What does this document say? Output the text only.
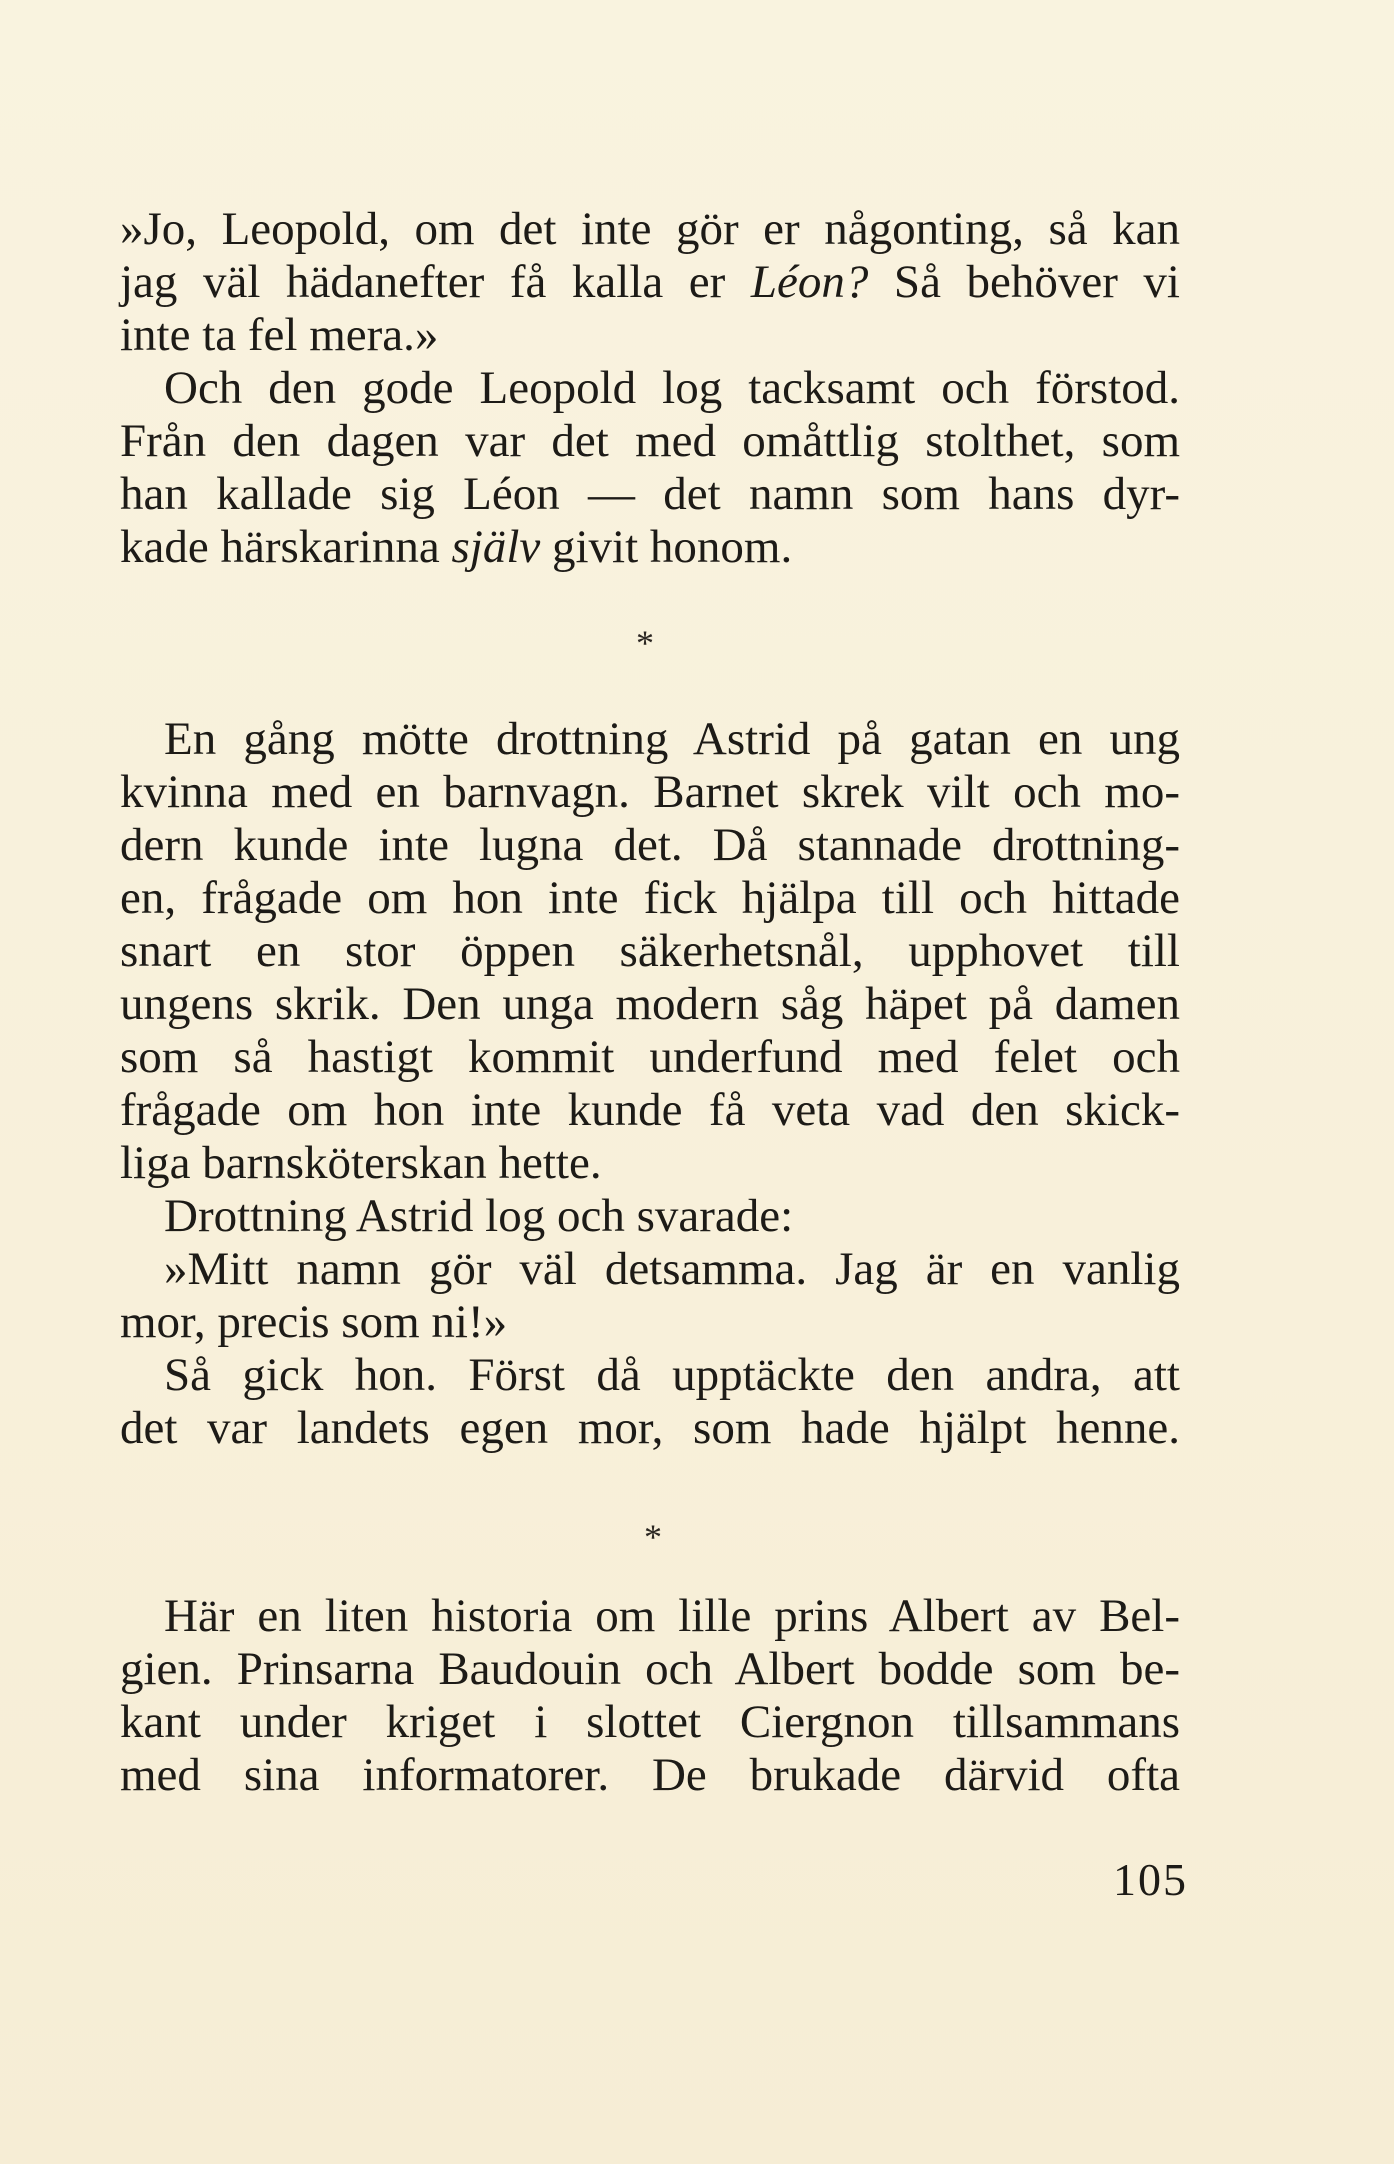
»Jo, Leopold, om det inte gör er någonting, så kan
jag väl hädanefter få kalla er Léon? Så behöver vi
inte ta fel mera.»
Och den gode Leopold log tacksamt och förstod.
Från den dagen var det med omåttlig stolthet, som
han kallade sig Léon — det namn som hans dyr-
kade härskarinna själv givit honom.
*
En gång mötte drottning Astrid på gatan en ung
kvinna med en barnvagn. Barnet skrek vilt och mo-
dern kunde inte lugna det. Då stannade drottning-
en, frågade om hon inte fick hjälpa till och hittade
snart en stor öppen säkerhetsnål, upphovet till
ungens skrik. Den unga modern såg häpet på damen
som så hastigt kommit underfund med felet och
frågade om hon inte kunde få veta vad den skick-
liga barnsköterskan hette.
Drottning Astrid log och svarade:
»Mitt namn gör väl detsamma. Jag är en vanlig
mor, precis som ni!»
Så gick hon. Först då upptäckte den andra, att
det var landets egen mor, som hade hjälpt henne.
*
Här en liten historia om lille prins Albert av Bel-
gien. Prinsarna Baudouin och Albert bodde som be-
kant under kriget i slottet Ciergnon tillsammans
med sina informatorer. De brukade därvid ofta
105
